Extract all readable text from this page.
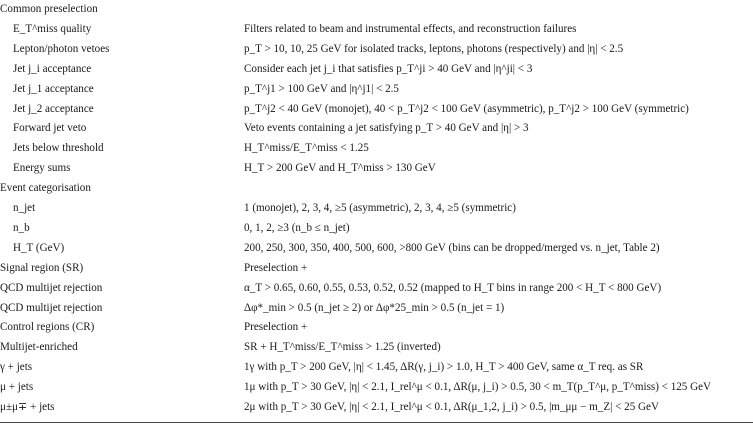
Common preselection
E_T^miss quality	Filters related to beam and instrumental effects, and reconstruction failures
Lepton/photon vetoes	p_T > 10, 10, 25 GeV for isolated tracks, leptons, photons (respectively) and |η| < 2.5
Jet j_i acceptance	Consider each jet j_i that satisfies p_T^ji > 40 GeV and |η^ji| < 3
Jet j_1 acceptance	p_T^j1 > 100 GeV and |η^j1| < 2.5
Jet j_2 acceptance	p_T^j2 < 40 GeV (monojet), 40 < p_T^j2 < 100 GeV (asymmetric), p_T^j2 > 100 GeV (symmetric)
Forward jet veto	Veto events containing a jet satisfying p_T > 40 GeV and |η| > 3
Jets below threshold	H_T^miss/E_T^miss < 1.25
Energy sums	H_T > 200 GeV and H_T^miss > 130 GeV
Event categorisation
n_jet	1 (monojet), 2, 3, 4, ≥5 (asymmetric), 2, 3, 4, ≥5 (symmetric)
n_b	0, 1, 2, ≥3 (n_b ≤ n_jet)
H_T (GeV)	200, 250, 300, 350, 400, 500, 600, >800 GeV (bins can be dropped/merged vs. n_jet, Table 2)
Signal region (SR)	Preselection +
QCD multijet rejection	α_T > 0.65, 0.60, 0.55, 0.53, 0.52, 0.52 (mapped to H_T bins in range 200 < H_T < 800 GeV)
QCD multijet rejection	Δφ*_min > 0.5 (n_jet ≥ 2) or Δφ*25_min > 0.5 (n_jet = 1)
Control regions (CR)	Preselection +
Multijet-enriched	SR + H_T^miss/E_T^miss > 1.25 (inverted)
γ + jets	1γ with p_T > 200 GeV, |η| < 1.45, ΔR(γ, j_i) > 1.0, H_T > 400 GeV, same α_T req. as SR
μ + jets	1μ with p_T > 30 GeV, |η| < 2.1, I_rel^μ < 0.1, ΔR(μ, j_i) > 0.5, 30 < m_T(p_T^μ, p_T^miss) < 125 GeV
μ±μ∓ + jets	2μ with p_T > 30 GeV, |η| < 2.1, I_rel^μ < 0.1, ΔR(μ_1,2, j_i) > 0.5, |m_μμ − m_Z| < 25 GeV
